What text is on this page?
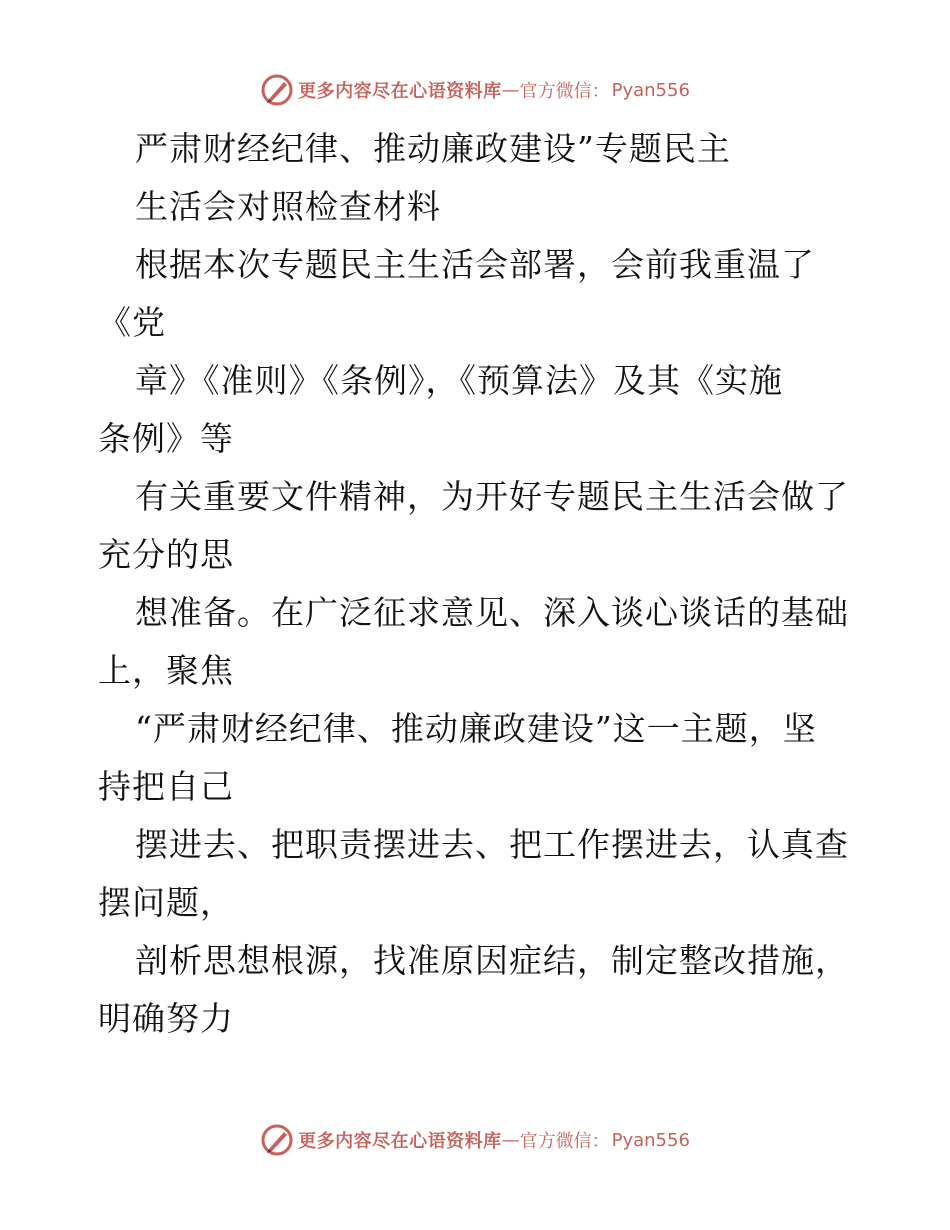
更多内容尽在心语资料库 — 官方微信： Pyan556
严肃财经纪律、推动廉政建设”专题民主
生活会对照检查材料
根据本次专题民主生活会部署，会前我重温了
《党
章》《准则》《条例》，《预算法》及其《实施
条例》等
有关重要文件精神，为开好专题民主生活会做了
充分的思
想准备。在广泛征求意见、深入谈心谈话的基础
上，聚焦
“严肃财经纪律、推动廉政建设”这一主题，坚
持把自己
摆进去、把职责摆进去、把工作摆进去，认真查
摆问题，
剖析思想根源，找准原因症结，制定整改措施，
明确努力
更多内容尽在心语资料库 — 官方微信： Pyan556
